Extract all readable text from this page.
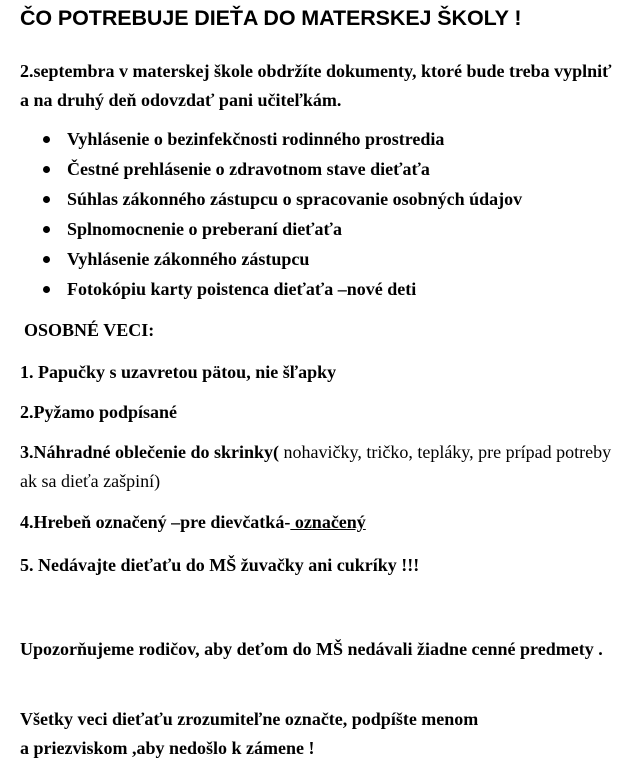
ČO POTREBUJE DIEŤA DO MATERSKEJ ŠKOLY !

2.septembra v materskej škole obdržíte dokumenty, ktoré bude treba vyplniť a na druhý deň odovzdať pani učiteľkám.

Vyhlásenie o bezinfekčnosti rodinného prostredia
Čestné prehlásenie o zdravotnom stave dieťaťa
Súhlas zákonného zástupcu o spracovanie osobných údajov
Splnomocnenie o preberaní dieťaťa
Vyhlásenie zákonného zástupcu
Fotokópiu karty poistenca dieťaťa –nové deti

OSOBNÉ VECI:

1. Papučky s uzavretou pätou, nie šľapky

2.Pyžamo podpísané

3.Náhradné oblečenie do skrinky( nohavičky, tričko, tepláky, pre prípad potreby ak sa dieťa zašpiní)

4.Hrebeň označený –pre dievčatká- označený

5. Nedávajte dieťaťu do MŠ žuvačky ani cukríky !!!

Upozorňujeme rodičov, aby deťom do MŠ nedávali žiadne cenné predmety .

Všetky veci dieťaťu zrozumiteľne označte, podpíšte menom
a priezviskom ,aby nedošlo k zámene !
